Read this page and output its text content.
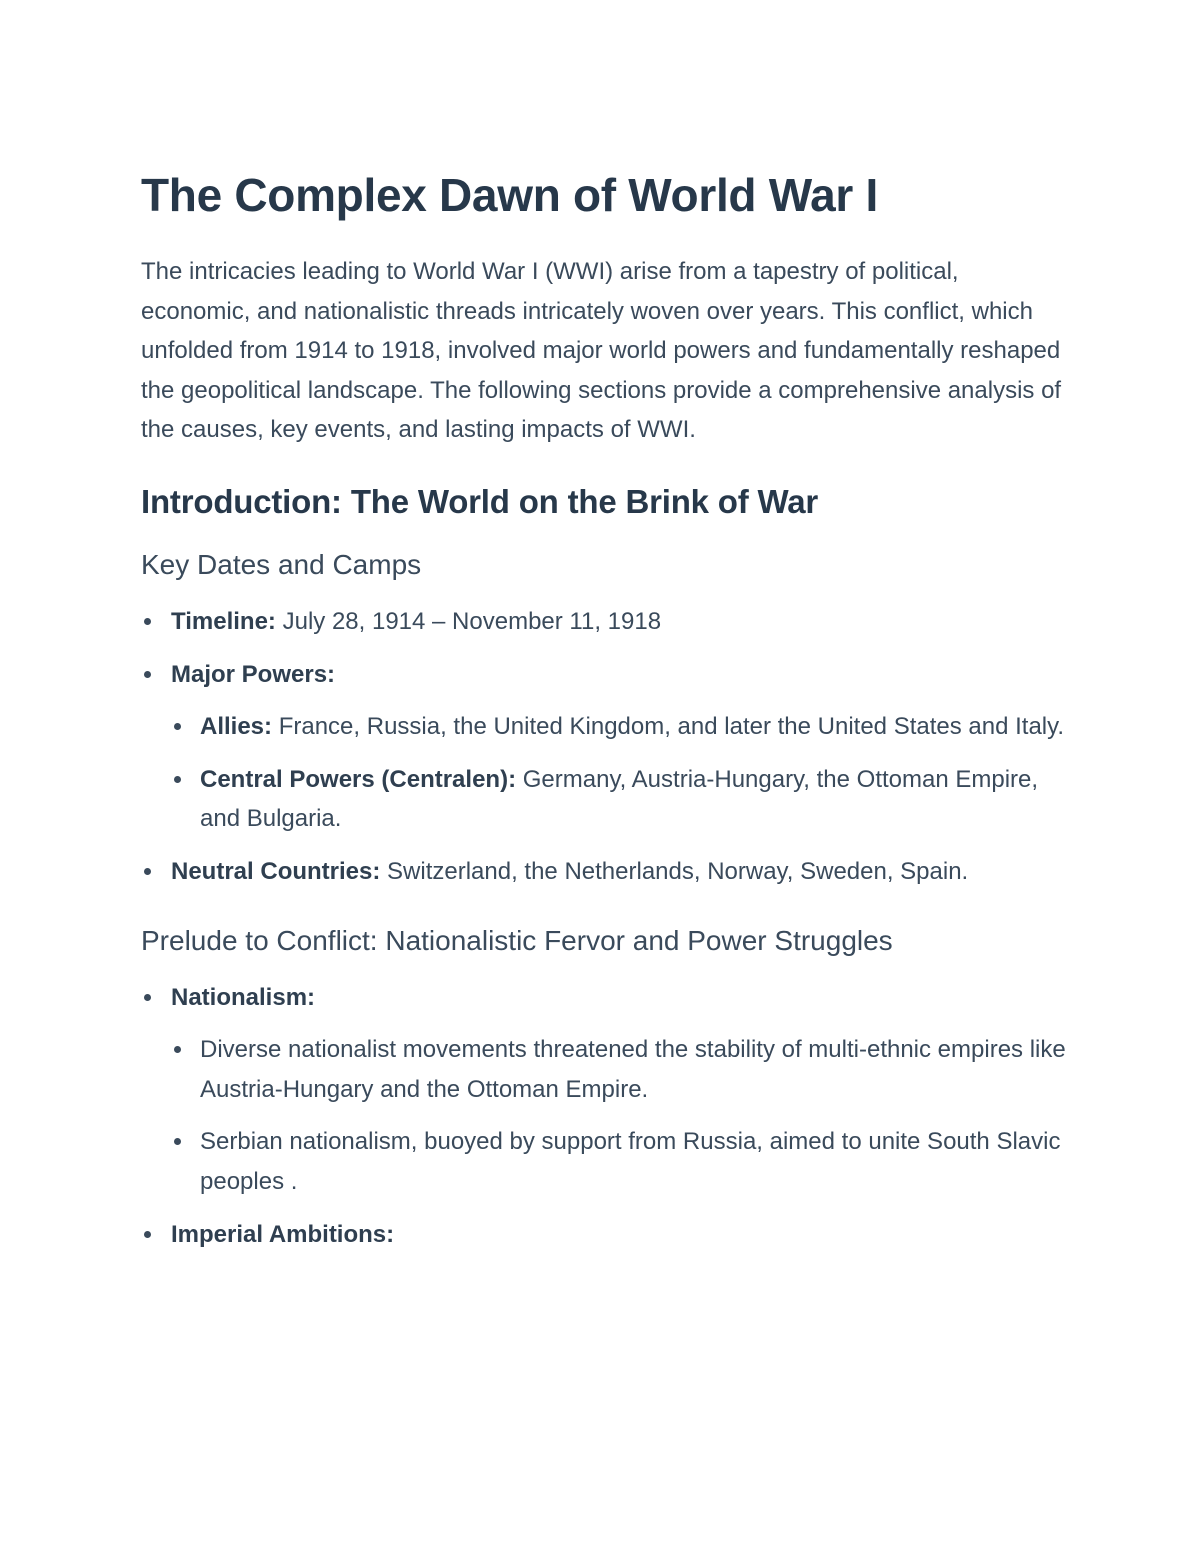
The Complex Dawn of World War I

The intricacies leading to World War I (WWI) arise from a tapestry of political, economic, and nationalistic threads intricately woven over years. This conflict, which unfolded from 1914 to 1918, involved major world powers and fundamentally reshaped the geopolitical landscape. The following sections provide a comprehensive analysis of the causes, key events, and lasting impacts of WWI.

Introduction: The World on the Brink of War
Key Dates and Camps
Timeline: July 28, 1914 – November 11, 1918
Major Powers:
Allies: France, Russia, the United Kingdom, and later the United States and Italy.
Central Powers (Centralen): Germany, Austria-Hungary, the Ottoman Empire, and Bulgaria.
Neutral Countries: Switzerland, the Netherlands, Norway, Sweden, Spain.
Prelude to Conflict: Nationalistic Fervor and Power Struggles
Nationalism:
Diverse nationalist movements threatened the stability of multi-ethnic empires like Austria-Hungary and the Ottoman Empire.
Serbian nationalism, buoyed by support from Russia, aimed to unite South Slavic peoples .
Imperial Ambitions:
